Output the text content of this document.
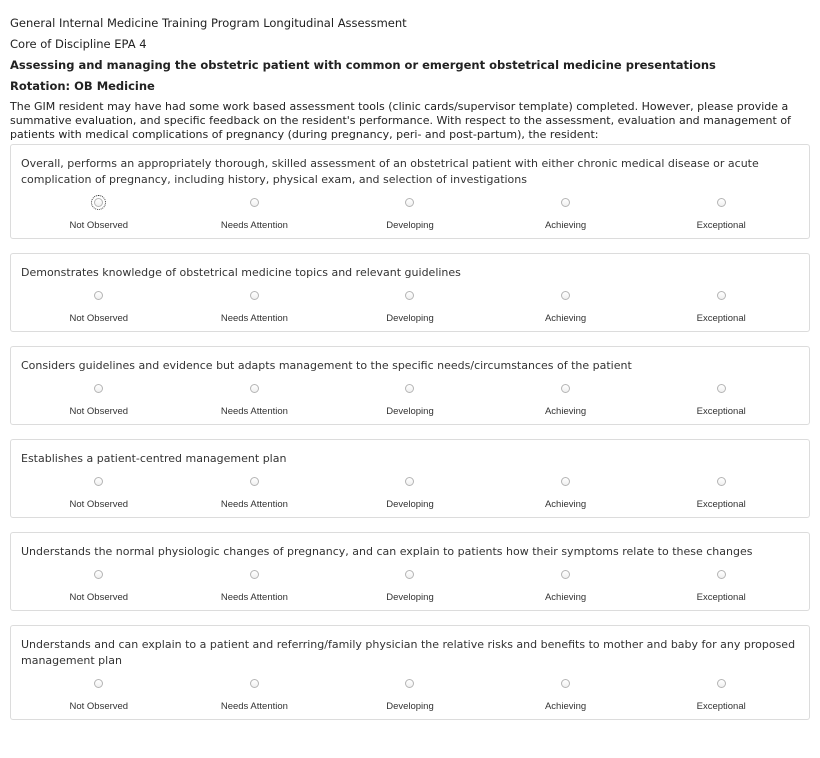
General Internal Medicine Training Program Longitudinal Assessment
Core of Discipline EPA 4
Assessing and managing the obstetric patient with common or emergent obstetrical medicine presentations
Rotation: OB Medicine
The GIM resident may have had some work based assessment tools (clinic cards/supervisor template) completed. However, please provide a summative evaluation, and specific feedback on the resident's performance. With respect to the assessment, evaluation and management of patients with medical complications of pregnancy (during pregnancy, peri- and post-partum), the resident:
Overall, performs an appropriately thorough, skilled assessment of an obstetrical patient with either chronic medical disease or acute complication of pregnancy, including history, physical exam, and selection of investigations
Not Observed	Needs Attention	Developing	Achieving	Exceptional
Demonstrates knowledge of obstetrical medicine topics and relevant guidelines
Not Observed	Needs Attention	Developing	Achieving	Exceptional
Considers guidelines and evidence but adapts management to the specific needs/circumstances of the patient
Not Observed	Needs Attention	Developing	Achieving	Exceptional
Establishes a patient-centred management plan
Not Observed	Needs Attention	Developing	Achieving	Exceptional
Understands the normal physiologic changes of pregnancy, and can explain to patients how their symptoms relate to these changes
Not Observed	Needs Attention	Developing	Achieving	Exceptional
Understands and can explain to a patient and referring/family physician the relative risks and benefits to mother and baby for any proposed management plan
Not Observed	Needs Attention	Developing	Achieving	Exceptional
